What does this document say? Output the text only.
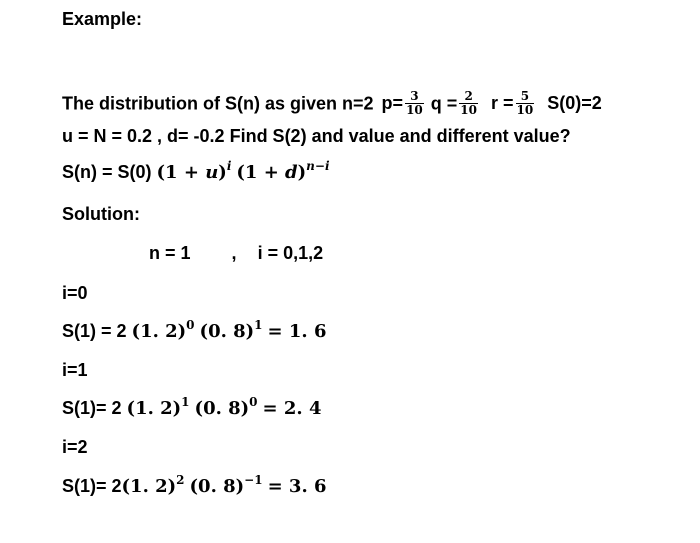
Example:
The distribution of S(n) as given n=2 $p= \frac{3}{10}$ $q = \frac{2}{10}$ $r = \frac{5}{10} S(0)=2$
u = N = 0.2 , d= -0.2 Find S(2) and value and different value?
S(n) = S(0) $(1 + u)^i$ $(1 + d)^{n-i}$
Solution:
n = 1 , i = 0,1,2
i=0
S(1) = 2 (1. 2)$^0$ (0. 8)$^1$ = 1. 6
i=1
S(1)= 2 (1. 2)$^1$ (0. 8)$^0$ = 2. 4
i=2
S(1)= 2(1. 2)$^2$ (0. 8)$^{-1}$ = 3. 6
